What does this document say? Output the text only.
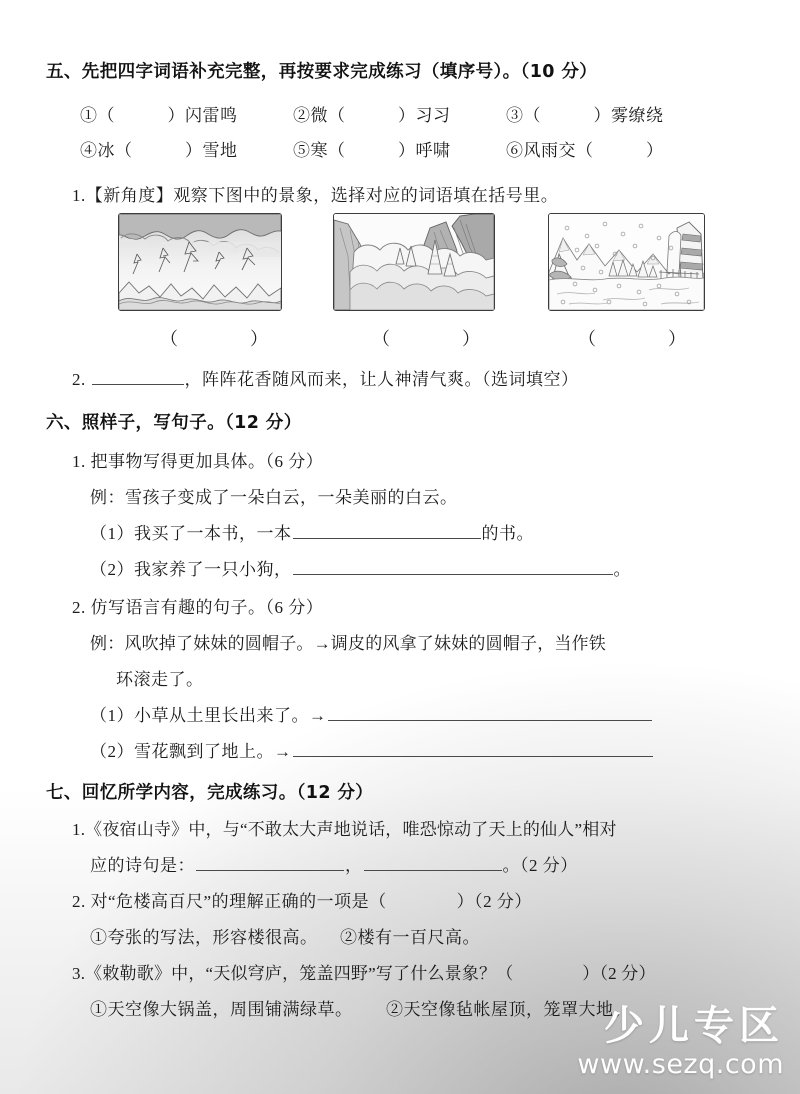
五、先把四字词语补充完整，再按要求完成练习（填序号）。（10 分）
①（　　　）闪雷鸣	②微（　　　）习习	③（　　　）雾缭绕
④冰（　　　）雪地	⑤寒（　　　）呼啸	⑥风雨交（　　　）
1.【新角度】观察下图中的景象，选择对应的词语填在括号里。
（　　　　）	（　　　　）	（　　　　）
2.	，阵阵花香随风而来，让人神清气爽。（选词填空）
六、照样子，写句子。（12 分）
1. 把事物写得更加具体。（6 分）
例：雪孩子变成了一朵白云，一朵美丽的白云。
（1）我买了一本书，一本	的书。
（2）我家养了一只小狗，	。
2. 仿写语言有趣的句子。（6 分）
例：风吹掉了妹妹的圆帽子。→调皮的风拿了妹妹的圆帽子，当作铁
环滚走了。
（1）小草从土里长出来了。→
（2）雪花飘到了地上。→
七、回忆所学内容，完成练习。（12 分）
1.《夜宿山寺》中，与“不敢太大声地说话，唯恐惊动了天上的仙人”相对
应的诗句是：	，	。（2 分）
2. 对“危楼高百尺”的理解正确的一项是（　　　　）（2 分）
①夸张的写法，形容楼很高。	②楼有一百尺高。
3.《敕勒歌》中，“天似穹庐，笼盖四野”写了什么景象？（　　　　）（2 分）
①天空像大锅盖，周围铺满绿草。	②天空像毡帐屋顶，笼罩大地。
少儿专区
www.sezq.com
